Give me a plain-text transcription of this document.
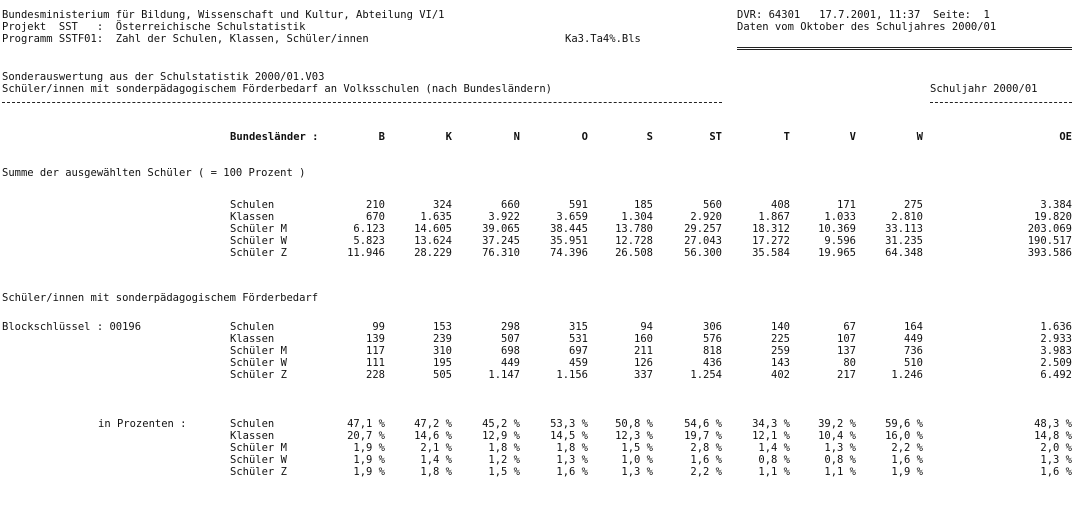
Bundesministerium für Bildung, Wissenschaft und Kultur, Abteilung VI/1
Projekt  SST   :  Österreichische Schulstatistik
Programm SSTF01:  Zahl der Schulen, Klassen, Schüler/innen	Ka3.Ta4%.Bls
DVR: 64301   17.7.2001, 11:37  Seite:  1
Daten vom Oktober des Schuljahres 2000/01
Sonderauswertung aus der Schulstatistik 2000/01.V03
Schüler/innen mit sonderpädagogischem Förderbedarf an Volksschulen (nach Bundesländern)	Schuljahr 2000/01
Bundesländer :	B	K	N	O	S	ST	T	V	W	OE
Summe der ausgewählten Schüler ( = 100 Prozent )
Schulen	210	324	660	591	185	560	408	171	275	3.384
Klassen	670	1.635	3.922	3.659	1.304	2.920	1.867	1.033	2.810	19.820
Schüler M	6.123	14.605	39.065	38.445	13.780	29.257	18.312	10.369	33.113	203.069
Schüler W	5.823	13.624	37.245	35.951	12.728	27.043	17.272	9.596	31.235	190.517
Schüler Z	11.946	28.229	76.310	74.396	26.508	56.300	35.584	19.965	64.348	393.586
Schüler/innen mit sonderpädagogischem Förderbedarf
Blockschlüssel : 00196	Schulen	99	153	298	315	94	306	140	67	164	1.636
Klassen	139	239	507	531	160	576	225	107	449	2.933
Schüler M	117	310	698	697	211	818	259	137	736	3.983
Schüler W	111	195	449	459	126	436	143	80	510	2.509
Schüler Z	228	505	1.147	1.156	337	1.254	402	217	1.246	6.492
in Prozenten :	Schulen	47,1 %	47,2 %	45,2 %	53,3 %	50,8 %	54,6 %	34,3 %	39,2 %	59,6 %	48,3 %
Klassen	20,7 %	14,6 %	12,9 %	14,5 %	12,3 %	19,7 %	12,1 %	10,4 %	16,0 %	14,8 %
Schüler M	1,9 %	2,1 %	1,8 %	1,8 %	1,5 %	2,8 %	1,4 %	1,3 %	2,2 %	2,0 %
Schüler W	1,9 %	1,4 %	1,2 %	1,3 %	1,0 %	1,6 %	0,8 %	0,8 %	1,6 %	1,3 %
Schüler Z	1,9 %	1,8 %	1,5 %	1,6 %	1,3 %	2,2 %	1,1 %	1,1 %	1,9 %	1,6 %
